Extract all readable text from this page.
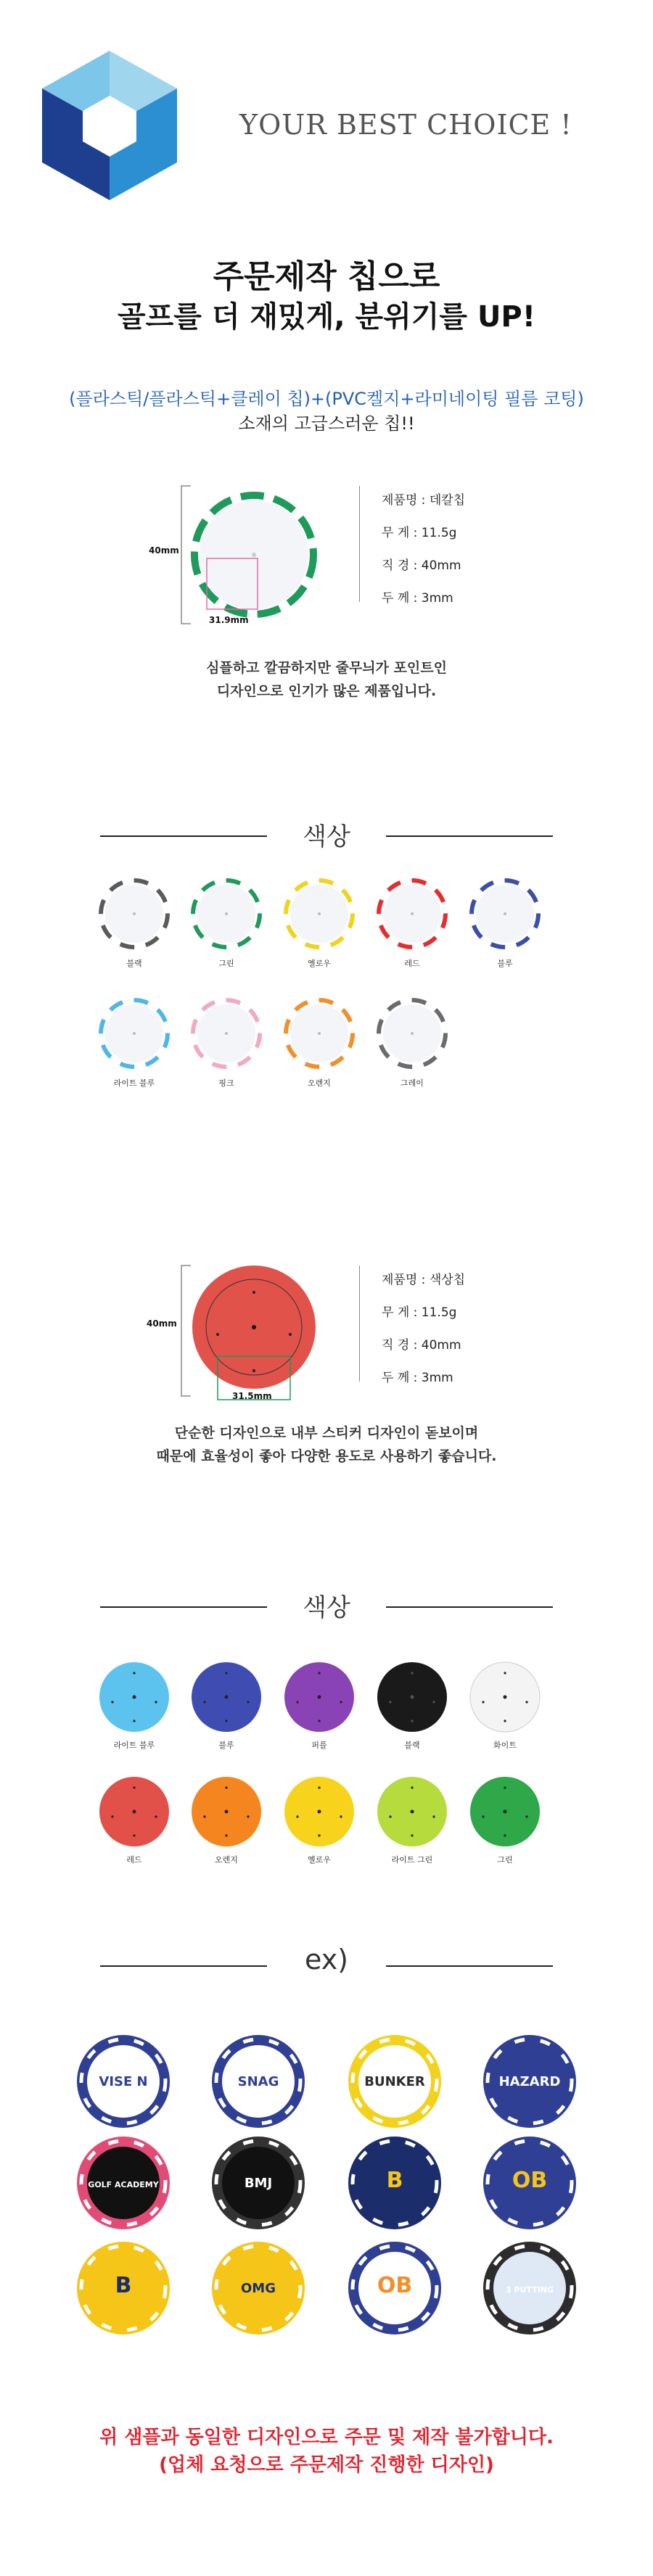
YOUR BEST CHOICE !
주문제작 칩으로
골프를 더 재밌게, 분위기를 UP!
(플라스틱/플라스틱+클레이 칩)+(PVC켈지+라미네이팅 필름 코팅)
소재의 고급스러운 칩!!
40mm
31.9mm
제품명 : 데칼칩
무 게 : 11.5g
직 경 : 40mm
두 께 : 3mm
심플하고 깔끔하지만 줄무늬가 포인트인
디자인으로 인기가 많은 제품입니다.
색상
블랙	그린	옐로우	레드	블루
라이트 블루	핑크	오렌지	그레이
40mm
31.5mm
제품명 : 색상칩
무 게 : 11.5g
직 경 : 40mm
두 께 : 3mm
단순한 디자인으로 내부 스티커 디자인이 돋보이며
때문에 효율성이 좋아 다양한 용도로 사용하기 좋습니다.
색상
라이트 블루	블루	퍼플	블랙	화이트
레드	오렌지	옐로우	라이트 그린	그린
ex)
VISE N	SNAG	BUNKER	HAZARD
GOLF ACADEMY	BMJ	B	OB
B	OMG	OB	3 PUTTING
위 샘플과 동일한 디자인으로 주문 및 제작 불가합니다.
(업체 요청으로 주문제작 진행한 디자인)
